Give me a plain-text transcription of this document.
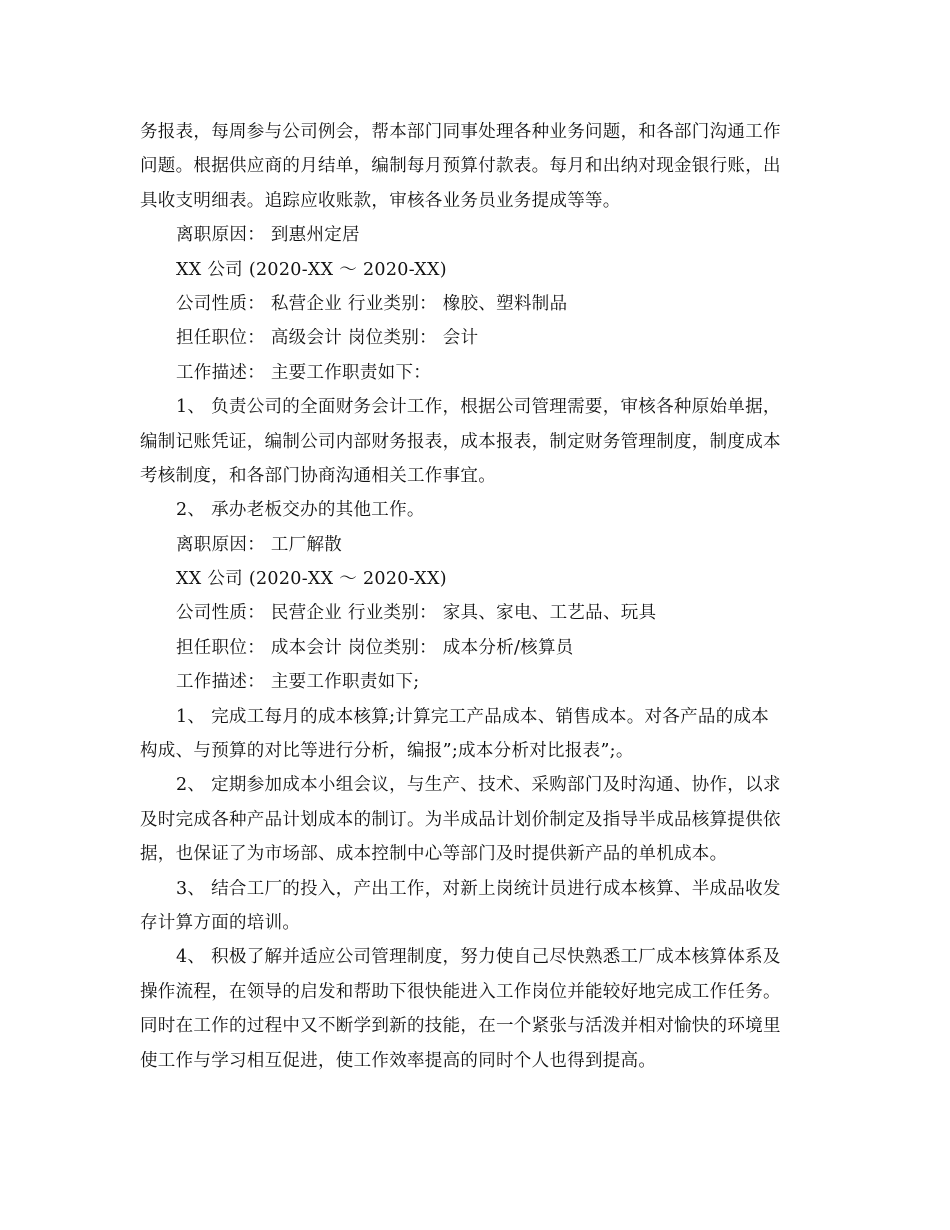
务报表，每周参与公司例会，帮本部门同事处理各种业务问题，和各部门沟通工作
问题。根据供应商的月结单，编制每月预算付款表。每月和出纳对现金银行账，出
具收支明细表。追踪应收账款，审核各业务员业务提成等等。
离职原因： 到惠州定居
XX 公司 (2020-XX ～ 2020-XX)
公司性质： 私营企业 行业类别： 橡胶、塑料制品
担任职位： 高级会计 岗位类别： 会计
工作描述： 主要工作职责如下：
1、 负责公司的全面财务会计工作，根据公司管理需要，审核各种原始单据，
编制记账凭证，编制公司内部财务报表，成本报表，制定财务管理制度，制度成本
考核制度，和各部门协商沟通相关工作事宜。
2、 承办老板交办的其他工作。
离职原因： 工厂解散
XX 公司 (2020-XX ～ 2020-XX)
公司性质： 民营企业 行业类别： 家具、家电、工艺品、玩具
担任职位： 成本会计 岗位类别： 成本分析/核算员
工作描述： 主要工作职责如下;
1、 完成工每月的成本核算;计算完工产品成本、销售成本。对各产品的成本
构成、与预算的对比等进行分析，编报”;成本分析对比报表”;。
2、 定期参加成本小组会议，与生产、技术、采购部门及时沟通、协作，以求
及时完成各种产品计划成本的制订。为半成品计划价制定及指导半成品核算提供依
据，也保证了为市场部、成本控制中心等部门及时提供新产品的单机成本。
3、 结合工厂的投入，产出工作，对新上岗统计员进行成本核算、半成品收发
存计算方面的培训。
4、 积极了解并适应公司管理制度，努力使自己尽快熟悉工厂成本核算体系及
操作流程，在领导的启发和帮助下很快能进入工作岗位并能较好地完成工作任务。
同时在工作的过程中又不断学到新的技能，在一个紧张与活泼并相对愉快的环境里
使工作与学习相互促进，使工作效率提高的同时个人也得到提高。
